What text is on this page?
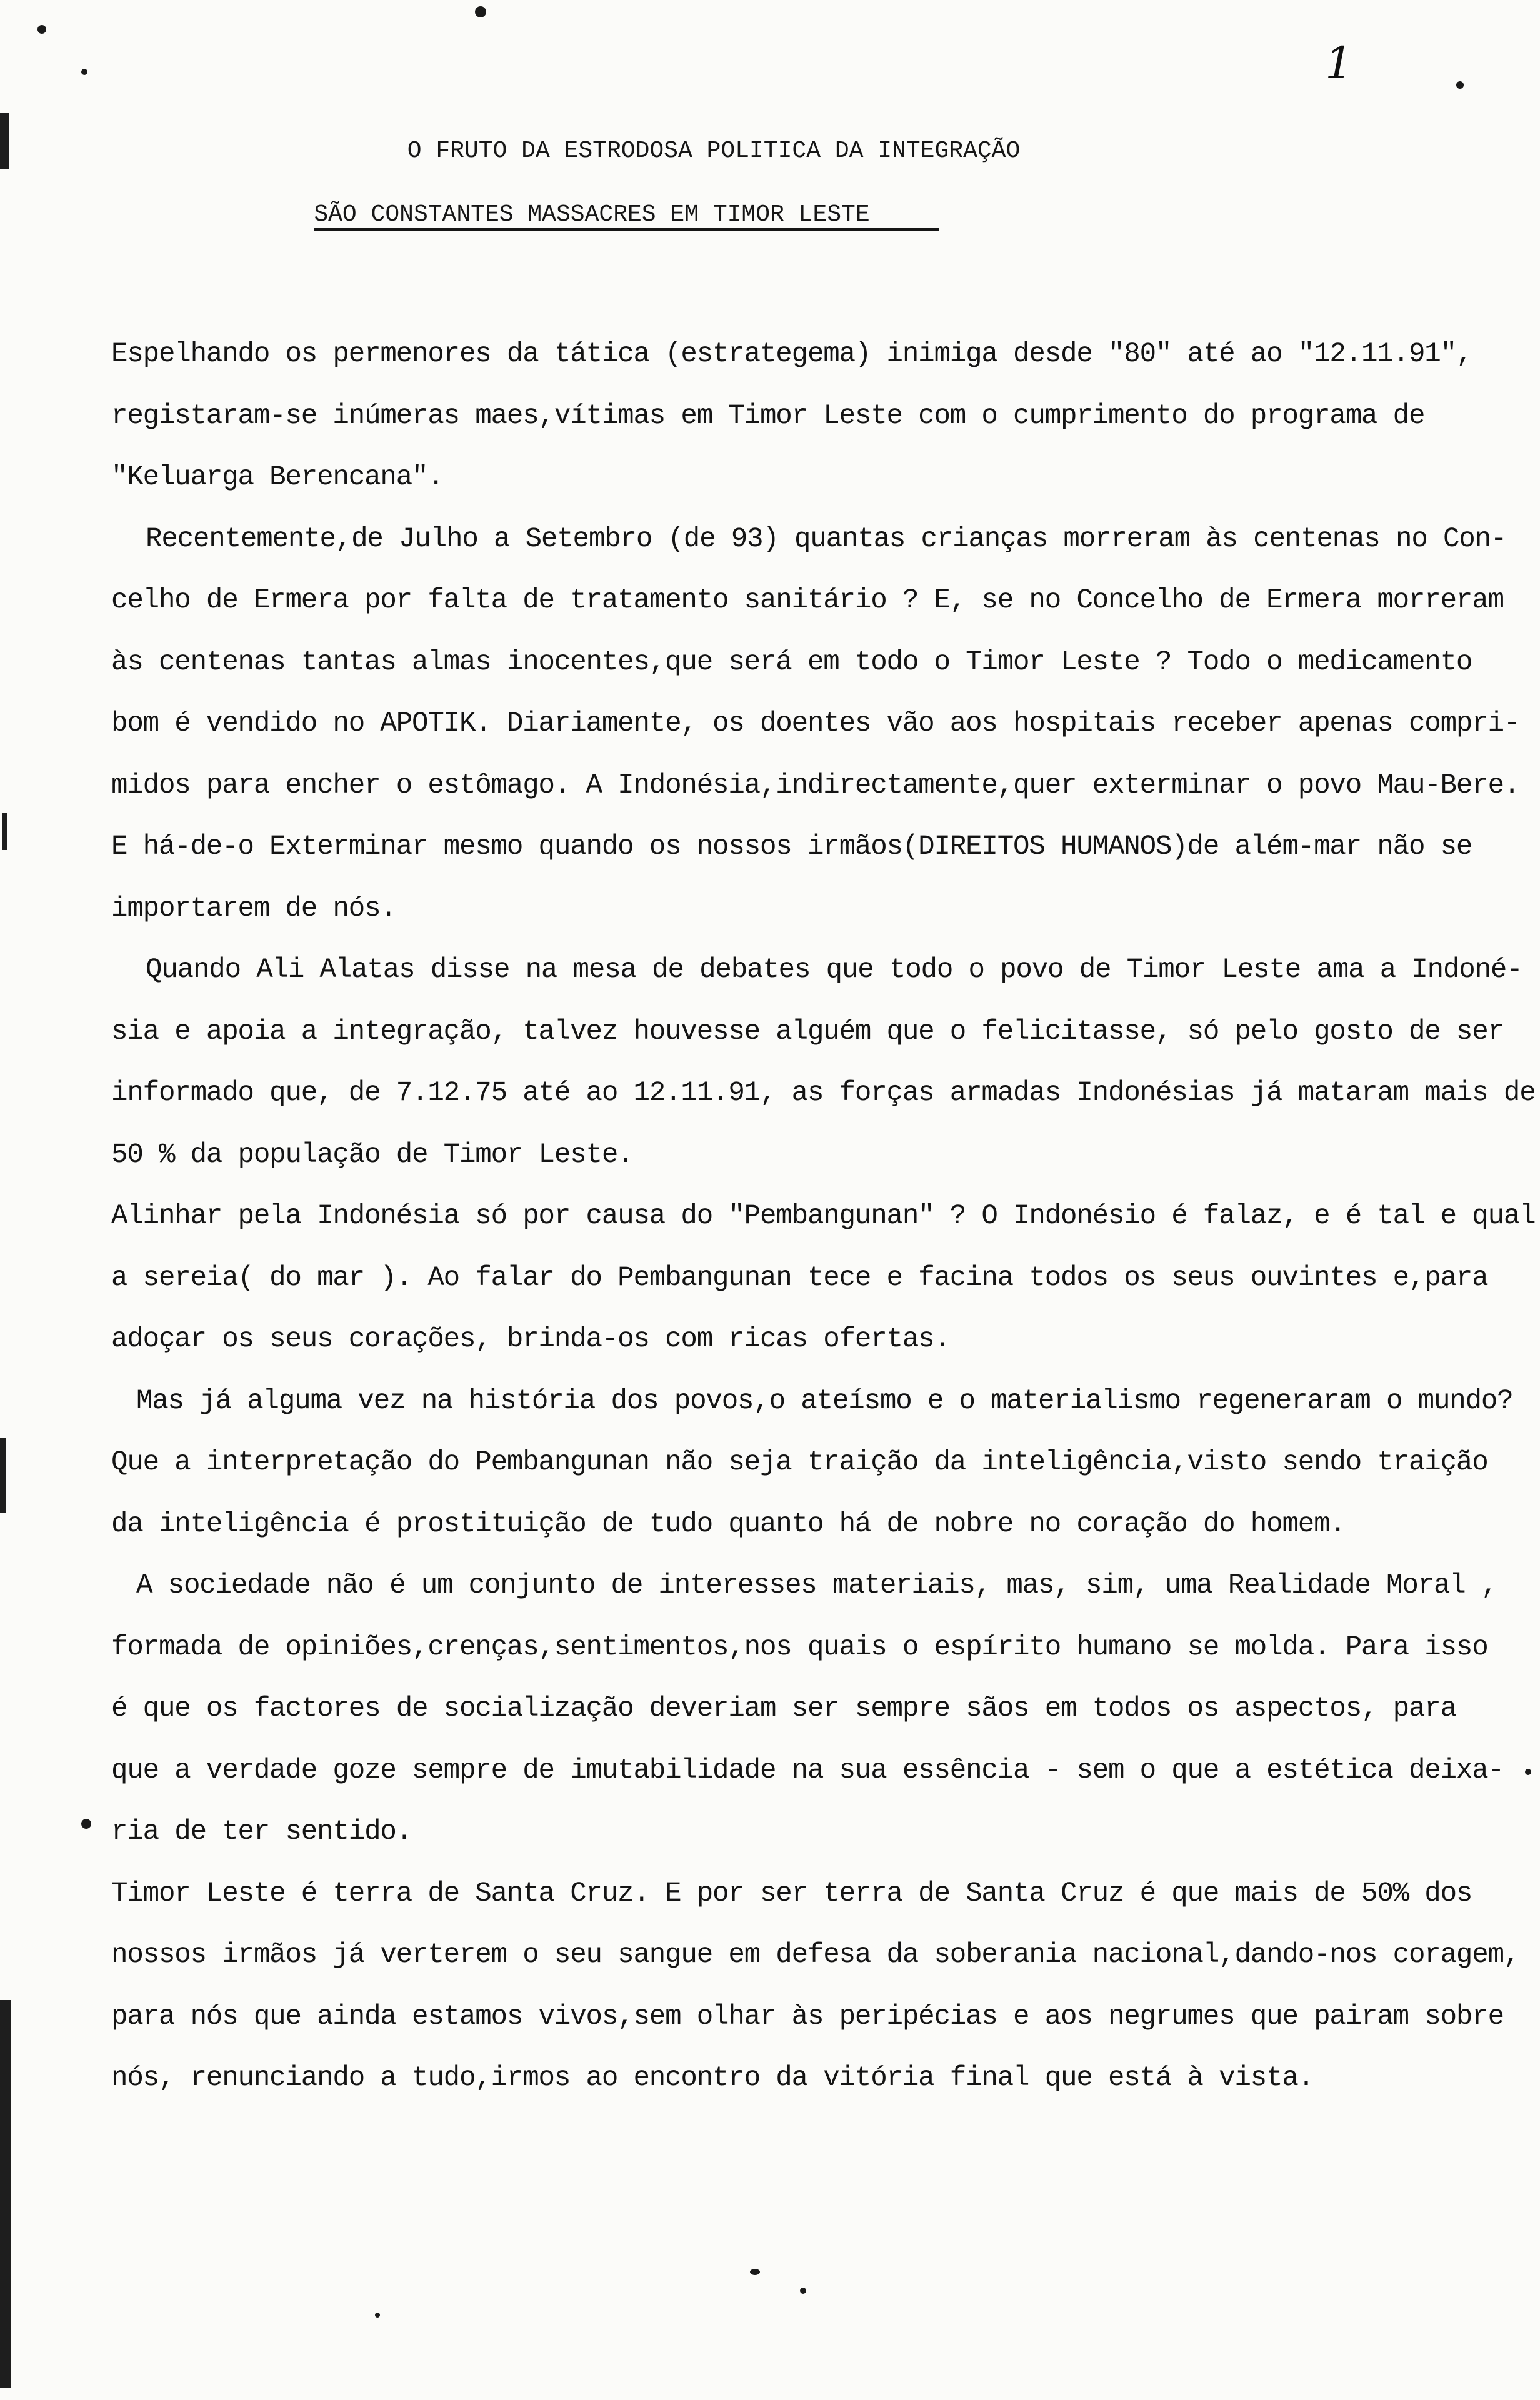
1
O FRUTO DA ESTRODOSA POLITICA DA INTEGRAÇÃO
SÃO CONSTANTES MASSACRES EM TIMOR LESTE
Espelhando os permenores da tática (estrategema) inimiga desde "80" até ao "12.11.91",
registaram-se inúmeras maes,vítimas em Timor Leste com o cumprimento do programa de
"Keluarga Berencana".
Recentemente,de Julho a Setembro (de 93) quantas crianças morreram às centenas no Con-
celho de Ermera por falta de tratamento sanitário ? E, se no Concelho de Ermera morreram
às centenas tantas almas inocentes,que será em todo o Timor Leste ? Todo o medicamento
bom é vendido no APOTIK. Diariamente, os doentes vão aos hospitais receber apenas compri-
midos para encher o estômago. A Indonésia,indirectamente,quer exterminar o povo Mau-Bere.
E há-de-o Exterminar mesmo quando os nossos irmãos(DIREITOS HUMANOS)de além-mar não se
importarem de nós.
Quando Ali Alatas disse na mesa de debates que todo o povo de Timor Leste ama a Indoné-
sia e apoia a integração, talvez houvesse alguém que o felicitasse, só pelo gosto de ser
informado que, de 7.12.75 até ao 12.11.91, as forças armadas Indonésias já mataram mais de
50 % da população de Timor Leste.
Alinhar pela Indonésia só por causa do "Pembangunan" ? O Indonésio é falaz, e é tal e qual
a sereia( do mar ). Ao falar do Pembangunan tece e facina todos os seus ouvintes e,para
adoçar os seus corações, brinda-os com ricas ofertas.
Mas já alguma vez na história dos povos,o ateísmo e o materialismo regeneraram o mundo?
Que a interpretação do Pembangunan não seja traição da inteligência,visto sendo traição
da inteligência é prostituição de tudo quanto há de nobre no coração do homem.
A sociedade não é um conjunto de interesses materiais, mas, sim, uma Realidade Moral ,
formada de opiniões,crenças,sentimentos,nos quais o espírito humano se molda. Para isso
é que os factores de socialização deveriam ser sempre sãos em todos os aspectos, para
que a verdade goze sempre de imutabilidade na sua essência - sem o que a estética deixa-
ria de ter sentido.
Timor Leste é terra de Santa Cruz. E por ser terra de Santa Cruz é que mais de 50% dos
nossos irmãos já verterem o seu sangue em defesa da soberania nacional,dando-nos coragem,
para nós que ainda estamos vivos,sem olhar às peripécias e aos negrumes que pairam sobre
nós, renunciando a tudo,irmos ao encontro da vitória final que está à vista.
